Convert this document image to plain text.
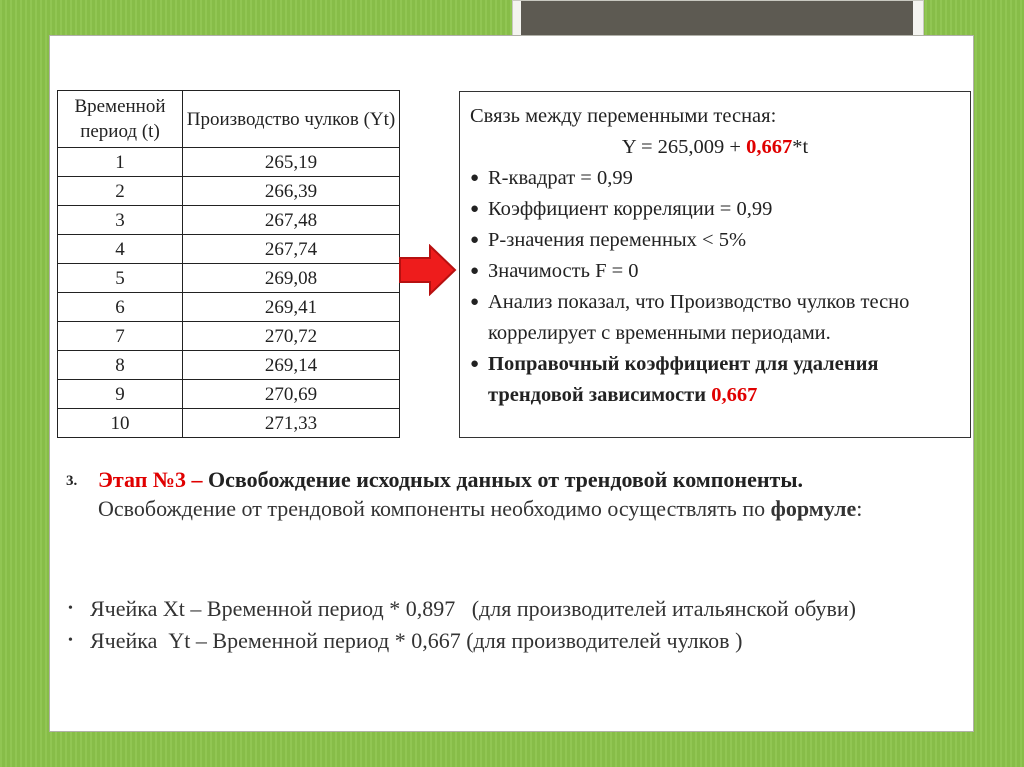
Временной период (t)	Производство чулков (Yt)
1	265,19
2	266,39
3	267,48
4	267,74
5	269,08
6	269,41
7	270,72
8	269,14
9	270,69
10	271,33
Связь между переменными тесная:
Y = 265,009 + 0,667*t
● R-квадрат = 0,99
● Коэффициент корреляции = 0,99
● P-значения переменных < 5%
● Значимость F = 0
● Анализ показал, что Производство чулков тесно коррелирует с временными периодами.
● Поправочный коэффициент для удаления трендовой зависимости 0,667
3. Этап №3 – Освобождение исходных данных от трендовой компоненты.
Освобождение от трендовой компоненты необходимо осуществлять по формуле:
• Ячейка Xt – Временной период * 0,897   (для производителей итальянской обуви)
• Ячейка  Yt – Временной период * 0,667 (для производителей чулков )
